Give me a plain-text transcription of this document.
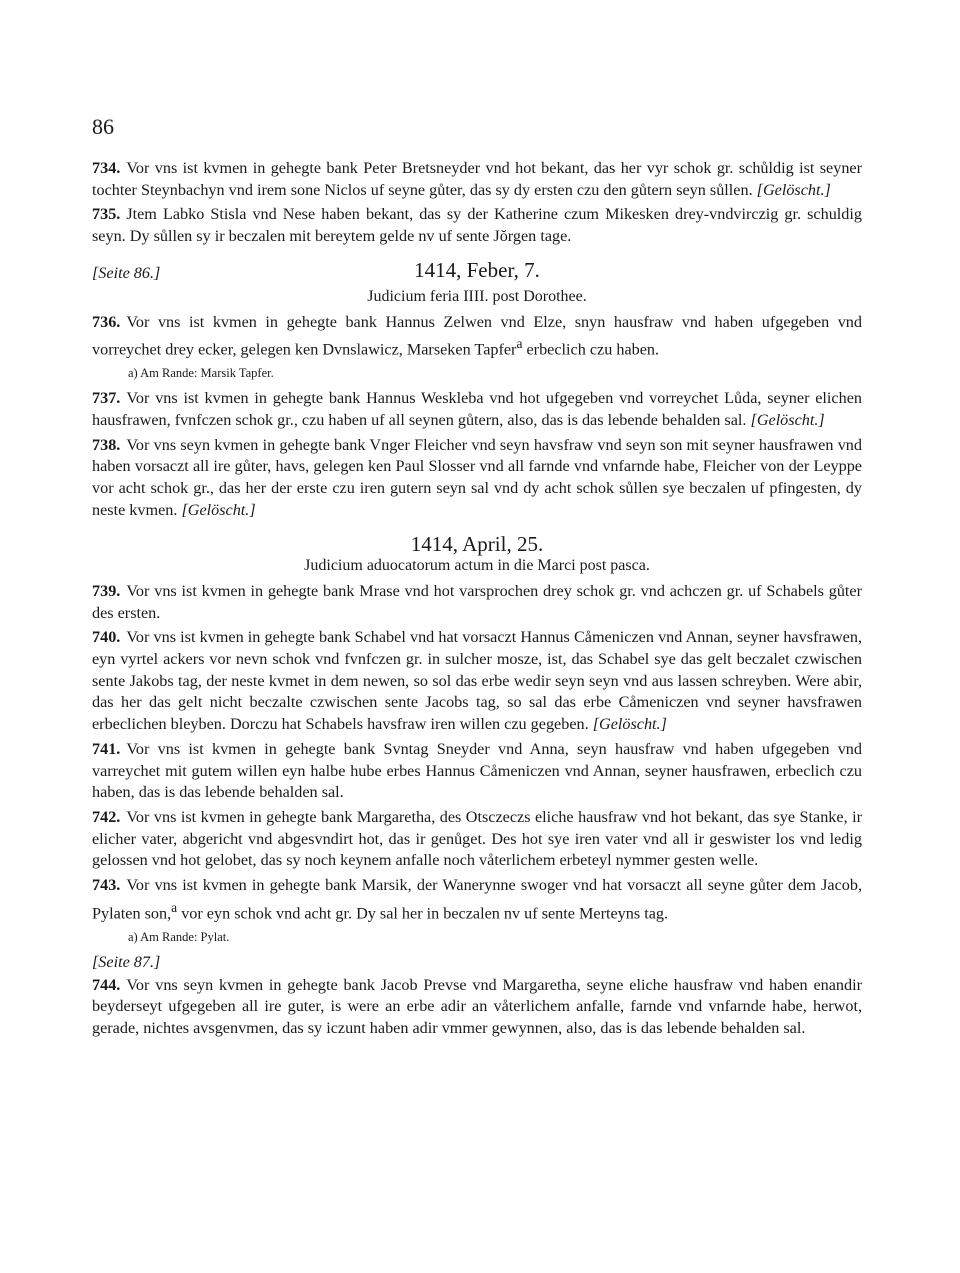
86

734. Vor vns ist kvmen in gehegte bank Peter Bretsneyder vnd hot bekant, das her vyr schok gr. schůldig ist seyner tochter Steynbachyn vnd irem sone Niclos uf seyne gůter, das sy dy ersten czu den gůtern seyn sůllen. [Gelöscht.]

735. Jtem Labko Stisla vnd Nese haben bekant, das sy der Katherine czum Mikesken drey-vndvirczig gr. schuldig seyn. Dy sůllen sy ir beczalen mit bereytem gelde nv uf sente Jŏrgen tage.

[Seite 86.]	1414, Feber, 7.
Judicium feria IIII. post Dorothee.

736. Vor vns ist kvmen in gehegte bank Hannus Zelwen vnd Elze, snyn hausfraw vnd haben ufgegeben vnd vorreychet drey ecker, gelegen ken Dvnslawicz, Marseken Tapfer$^a$ erbeclich czu haben.

a) Am Rande: Marsik Tapfer.

737. Vor vns ist kvmen in gehegte bank Hannus Weskleba vnd hot ufgegeben vnd vorreychet Lůda, seyner elichen hausfrawen, fvnfczen schok gr., czu haben uf all seynen gůtern, also, das is das lebende behalden sal. [Gelöscht.]

738. Vor vns seyn kvmen in gehegte bank Vnger Fleicher vnd seyn havsfraw vnd seyn son mit seyner hausfrawen vnd haben vorsaczt all ire gůter, havs, gelegen ken Paul Slosser vnd all farnde vnd vnfarnde habe, Fleicher von der Leyppe vor acht schok gr., das her der erste czu iren gutern seyn sal vnd dy acht schok sůllen sye beczalen uf pfingesten, dy neste kvmen. [Gelöscht.]

1414, April, 25.
Judicium aduocatorum actum in die Marci post pasca.

739. Vor vns ist kvmen in gehegte bank Mrase vnd hot varsprochen drey schok gr. vnd achczen gr. uf Schabels gůter des ersten.

740. Vor vns ist kvmen in gehegte bank Schabel vnd hat vorsaczt Hannus Cåmeniczen vnd Annan, seyner havsfrawen, eyn vyrtel ackers vor nevn schok vnd fvnfczen gr. in sulcher mosze, ist, das Schabel sye das gelt beczalet czwischen sente Jakobs tag, der neste kvmet in dem newen, so sol das erbe wedir seyn seyn vnd aus lassen schreyben. Were abir, das her das gelt nicht beczalte czwischen sente Jacobs tag, so sal das erbe Cåmeniczen vnd seyner havsfrawen erbeclichen bleyben. Dorczu hat Schabels havsfraw iren willen czu gegeben. [Gelöscht.]

741. Vor vns ist kvmen in gehegte bank Svntag Sneyder vnd Anna, seyn hausfraw vnd haben ufgegeben vnd varreychet mit gutem willen eyn halbe hube erbes Hannus Cåmeniczen vnd Annan, seyner hausfrawen, erbeclich czu haben, das is das lebende behalden sal.

742. Vor vns ist kvmen in gehegte bank Margaretha, des Otsczeczs eliche hausfraw vnd hot bekant, das sye Stanke, ir elicher vater, abgericht vnd abgesvndirt hot, das ir genůget. Des hot sye iren vater vnd all ir geswister los vnd ledig gelossen vnd hot gelobet, das sy noch keynem anfalle noch våterlichem erbeteyl nymmer gesten welle.

743. Vor vns ist kvmen in gehegte bank Marsik, der Wanerynne swoger vnd hat vorsaczt all seyne gůter dem Jacob, Pylaten son,$^a$ vor eyn schok vnd acht gr. Dy sal her in beczalen nv uf sente Merteyns tag.

a) Am Rande: Pylat.
[Seite 87.]

744. Vor vns seyn kvmen in gehegte bank Jacob Prevse vnd Margaretha, seyne eliche hausfraw vnd haben enandir beyderseyt ufgegeben all ire guter, is were an erbe adir an våterlichem anfalle, farnde vnd vnfarnde habe, herwot, gerade, nichtes avsgenvmen, das sy iczunt haben adir vmmer gewynnen, also, das is das lebende behalden sal.
